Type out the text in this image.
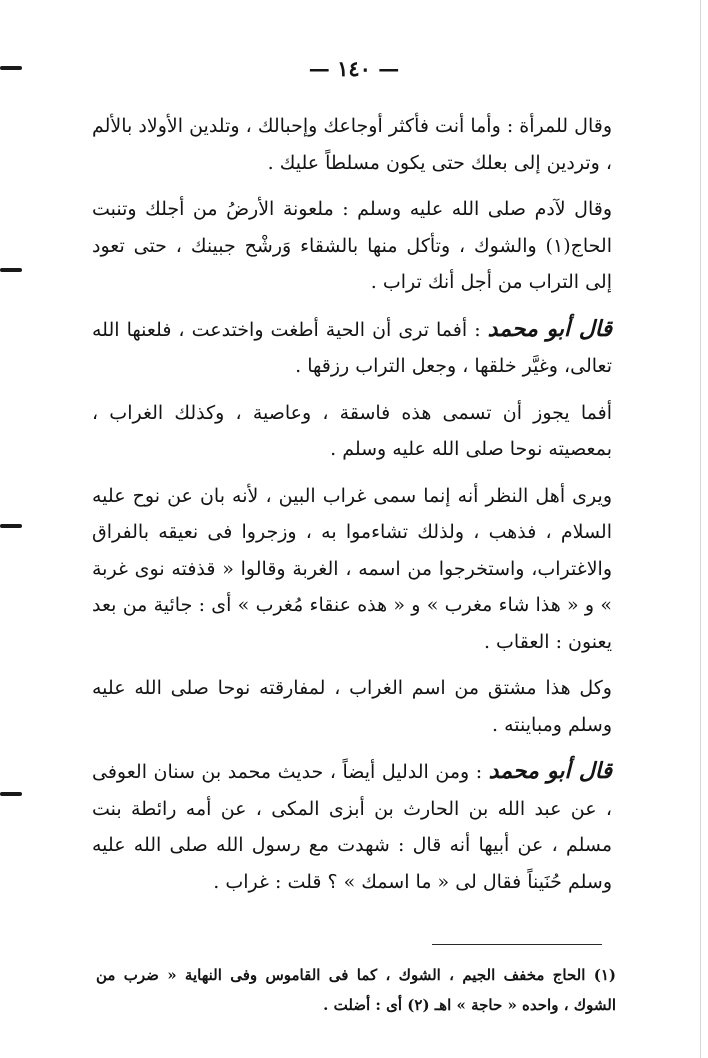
— ١٤٠ —

وقال للمرأة : وأما أنت فأكثر أوجاعك وإحبالك ، وتلدين الأولاد بالألم ، وتردين إلى بعلك حتى يكون مسلطاً عليك .

وقال لآدم صلى الله عليه وسلم : ملعونة الأرضُ من أجلك وتنبت الحاج(١) والشوك ، وتأكل منها بالشقاء وَرشْح جبينك ، حتى تعود إلى التراب من أجل أنك تراب .

قال أبو محمد : أفما ترى أن الحية أطغت واختدعت ، فلعنها الله تعالى، وغيَّر خلقها ، وجعل التراب رزقها .

أفما يجوز أن تسمى هذه فاسقة ، وعاصية ، وكذلك الغراب ، بمعصيته نوحا صلى الله عليه وسلم .

ويرى أهل النظر أنه إنما سمى غراب البين ، لأنه بان عن نوح عليه السلام ، فذهب ، ولذلك تشاءموا به ، وزجروا فى نعيقه بالفراق والاغتراب، واستخرجوا من اسمه ، الغربة وقالوا « قذفته نوى غربة » و « هذا شاء مغرب » و « هذه عنقاء مُغرب » أى : جائية من بعد يعنون : العقاب .

وكل هذا مشتق من اسم الغراب ، لمفارقته نوحا صلى الله عليه وسلم ومباينته .

قال أبو محمد : ومن الدليل أيضاً ، حديث محمد بن سنان العوفى ، عن عبد الله بن الحارث بن أبزى المكى ، عن أمه رائطة بنت مسلم ، عن أبيها أنه قال : شهدت مع رسول الله صلى الله عليه وسلم حُنَيناً فقال لى « ما اسمك » ؟ قلت : غراب .

(١) الحاج مخفف الجيم ، الشوك ، كما فى القاموس وفى النهاية « ضرب من الشوك ، واحده « حاجة » اهـ (٢) أى : أضلت .
